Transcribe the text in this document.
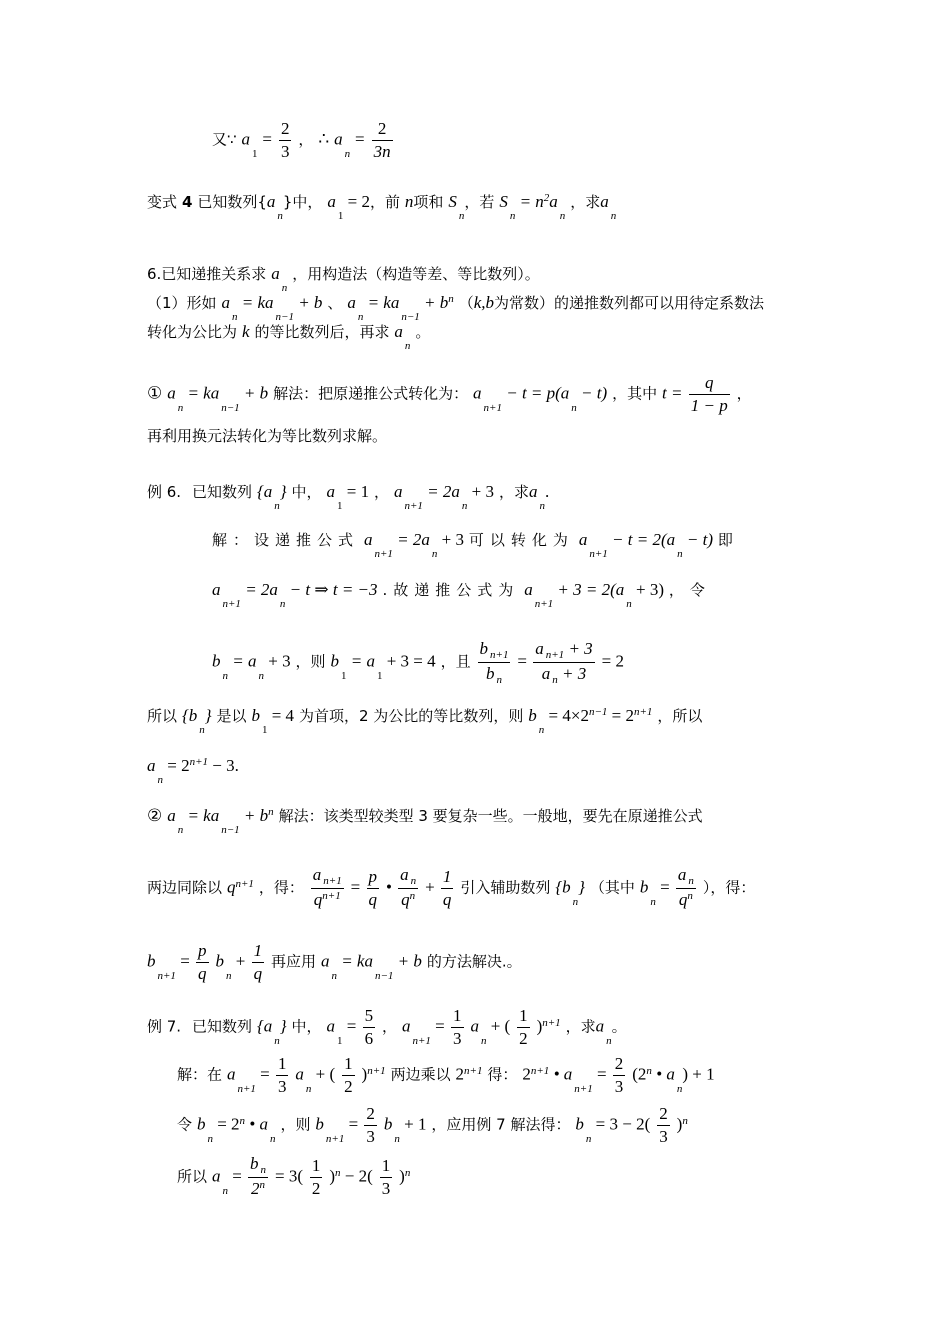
又∵ $a_1 = \frac{2}{3}$ ， ∴ $a_n = \frac{2}{3n}$
变式 4 已知数列$\{a_n\}$中， $a_1 = 2$，前 n项和 $S_n$，若 $S_n = n^2a_n$ ，求$a_n$
6.已知递推关系求 $a_n$ ，用构造法（构造等差、等比数列）。
（1）形如 $a_n = ka_{n-1} + b$ 、 $a_n = ka_{n-1} + b^n$ （k,b为常数）的递推数列都可以用待定系数法
转化为公比为 k 的等比数列后，再求 $a_n$ 。
① $a_n = ka_{n-1} + b$ 解法：把原递推公式转化为： $a_{n+1} - t = p(a_n - t)$ ，其中 $t = \frac{q}{1 - p}$ ，
再利用换元法转化为等比数列求解。
例 6. 已知数列 $\{a_n\}$ 中， $a_1 = 1$ ， $a_{n+1} = 2a_n + 3$ ，求$a_n$.
解：设递推公式 $a_{n+1} = 2a_n + 3$ 可以转化为 $a_{n+1} - t = 2(a_n - t)$ 即
$a_{n+1} = 2a_n - t$ ⇒ t = −3 .故递推公式为 $a_{n+1} + 3 = 2(a_n + 3)$ ，令
$b_n = a_n + 3$ ，则 $b_1 = a_1 + 3 = 4$ ，且 $\frac{b _{n+1}}{b _n} = \frac{a _{n+1} + 3}{a _n + 3} = 2$
所以 $\{b_n\}$ 是以 $b_1 = 4$ 为首项，2 为公比的等比数列，则 $b_n = 4\times 2^{n-1} = 2^{n+1}$ ，所以
$a_n = 2^{n+1} - 3$.
② $a_n = ka_{n-1} + b^n$ 解法：该类型较类型 3 要复杂一些。一般地，要先在原递推公式
两边同除以 $q^{n+1}$ ，得： $\frac{a _{n+1}}{q^{n+1}} = \frac{p}{q}$ • $\frac{a _n}{q^n} + \frac{1}{q}$ 引入辅助数列 $\{b_n\}$ （其中 $b_n = \frac{a _n}{q^n}$ ），得：
$b_{n+1} = \frac{p}{q} b_n + \frac{1}{q}$ 再应用 $a_n = ka_{n-1} + b$ 的方法解决.。
例 7. 已知数列 $\{a_n\}$ 中， $a_1 = \frac{5}{6}$ ， $a_{n+1} = \frac{1}{3} a_n$ + ( $\frac{1}{2} )^{n+1}$ ，求$a_n$。
解：在 $a_{n+1} = \frac{1}{3} a_n$ + ( $\frac{1}{2} )^{n+1}$ 两边乘以 $2^{n+1}$ 得： $2^{n+1}$ • $a_{n+1} = \frac{2}{3} (2^n$ • $a_n) + 1$
令 $b_n = 2^n$ • $a_n$ ，则 $b_{n+1} = \frac{2}{3} b_n + 1$ ，应用例 7 解法得： $b_n = 3 - 2( \frac{2}{3} )^n$
所以 $a_n = \frac{b _n}{2^n} = 3( \frac{1}{2} )^n - 2( \frac{1}{3} )^n$
